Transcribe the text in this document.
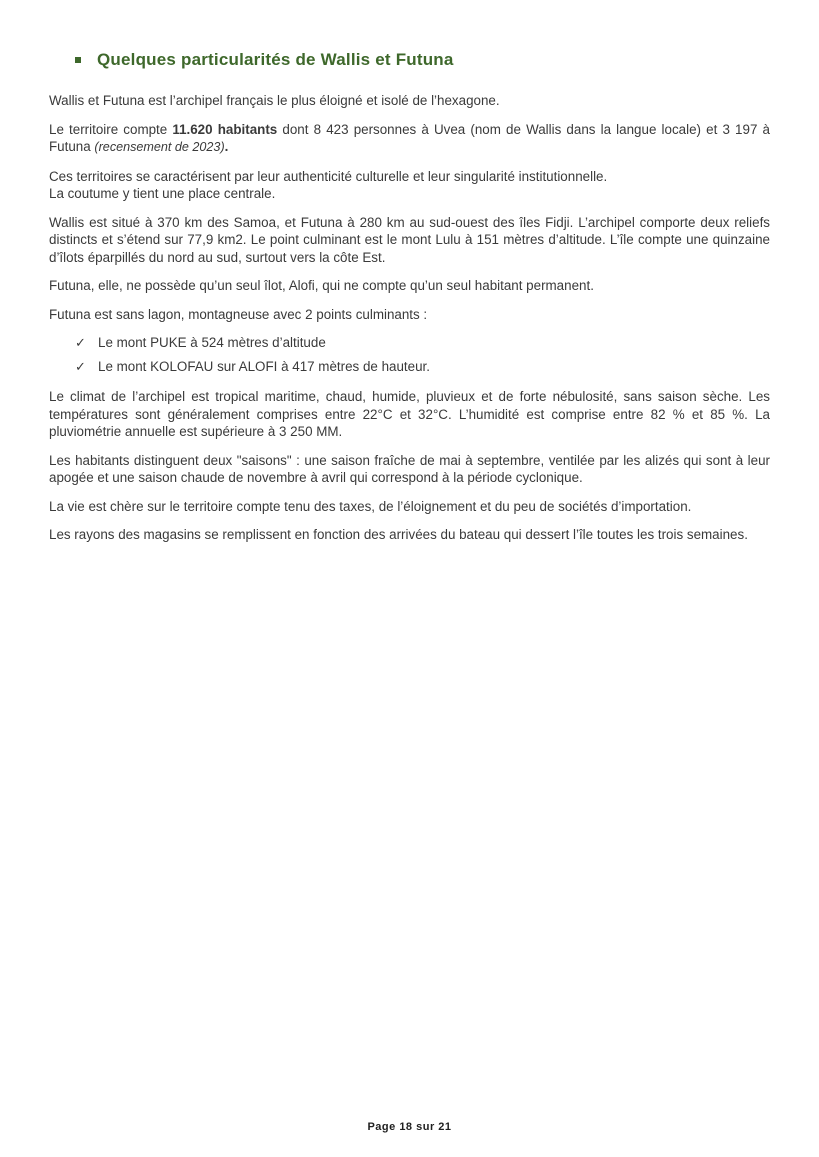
Quelques particularités de Wallis et Futuna

Wallis et Futuna est l’archipel français le plus éloigné et isolé de l’hexagone.

Le territoire compte 11.620 habitants dont 8 423 personnes à Uvea (nom de Wallis dans la langue locale) et 3 197 à Futuna (recensement de 2023).

Ces territoires se caractérisent par leur authenticité culturelle et leur singularité institutionnelle.
La coutume y tient une place centrale.

Wallis est situé à 370 km des Samoa, et Futuna à 280 km au sud-ouest des îles Fidji. L’archipel comporte deux reliefs distincts et s’étend sur 77,9 km2. Le point culminant est le mont Lulu à 151 mètres d’altitude. L’île compte une quinzaine d’îlots éparpillés du nord au sud, surtout vers la côte Est.

Futuna, elle, ne possède qu’un seul îlot, Alofi, qui ne compte qu’un seul habitant permanent.

Futuna est sans lagon, montagneuse avec 2 points culminants :

✓ Le mont PUKE à 524 mètres d’altitude
✓ Le mont KOLOFAU sur ALOFI à 417 mètres de hauteur.

Le climat de l’archipel est tropical maritime, chaud, humide, pluvieux et de forte nébulosité, sans saison sèche. Les températures sont généralement comprises entre 22°C et 32°C. L’humidité est comprise entre 82 % et 85 %. La pluviométrie annuelle est supérieure à 3 250 MM.

Les habitants distinguent deux "saisons" : une saison fraîche de mai à septembre, ventilée par les alizés qui sont à leur apogée et une saison chaude de novembre à avril qui correspond à la période cyclonique.

La vie est chère sur le territoire compte tenu des taxes, de l’éloignement et du peu de sociétés d’importation.

Les rayons des magasins se remplissent en fonction des arrivées du bateau qui dessert l’île toutes les trois semaines.

Page 18 sur 21
